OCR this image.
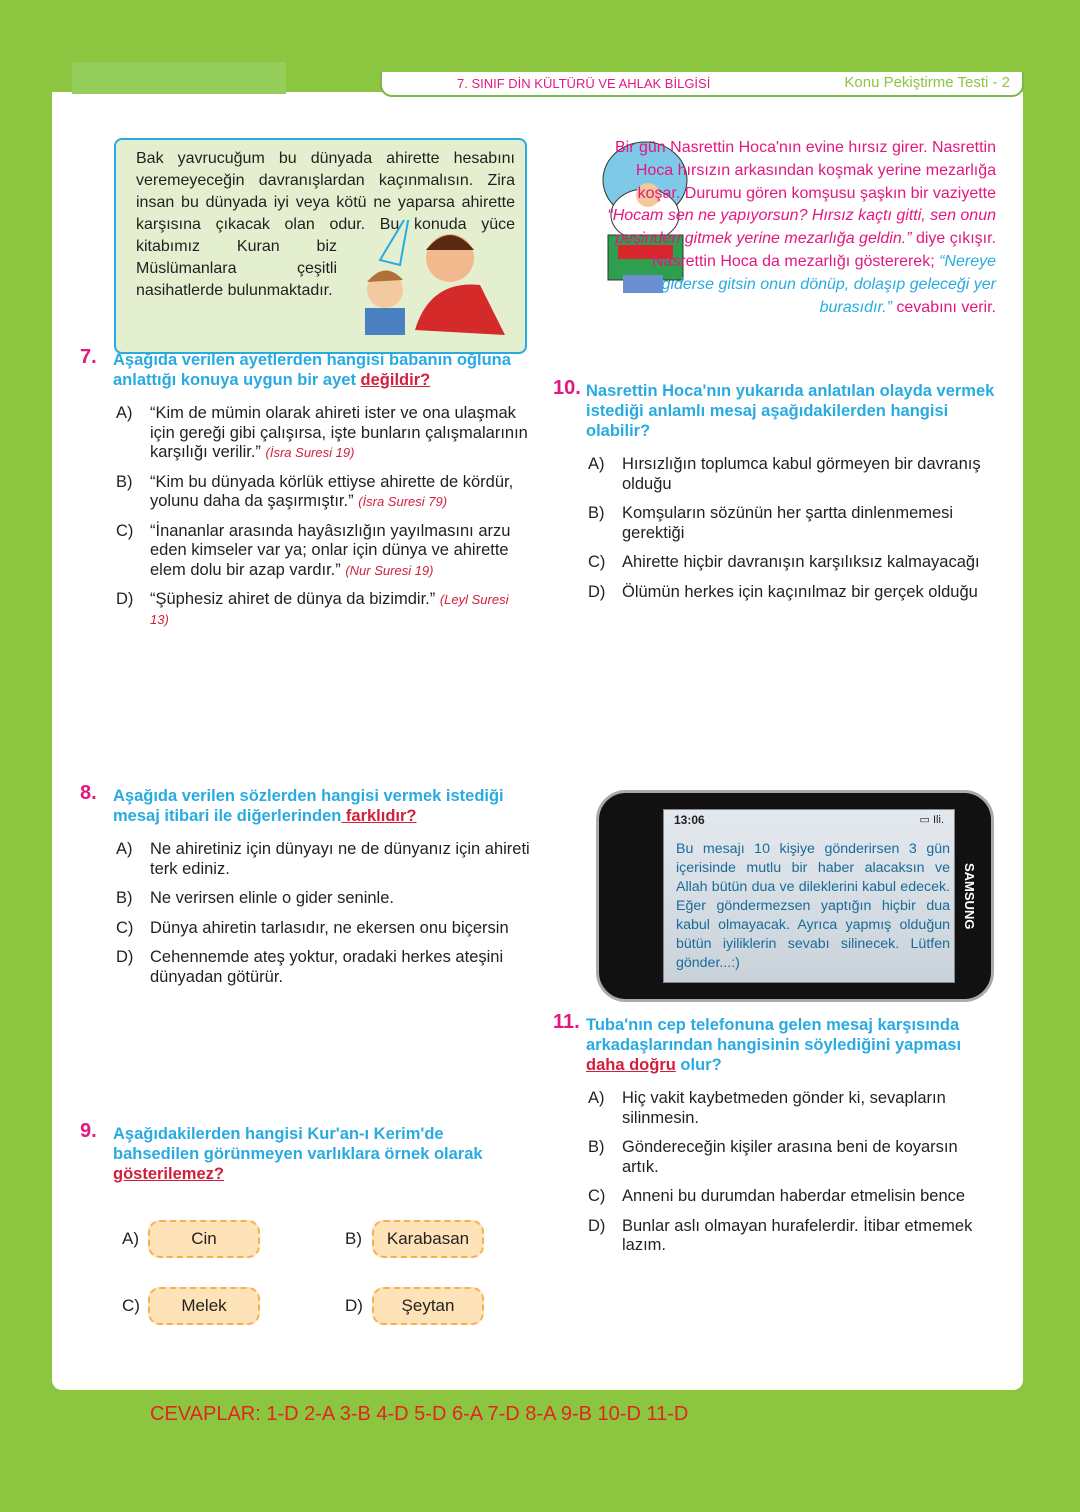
7. SINIF DİN KÜLTÜRÜ VE AHLAK BİLGİSİ	Konu Pekiştirme Testi - 2
Bak yavrucuğum bu dünyada ahirette hesabını veremeyeceğin davranışlardan kaçınmalısın. Zira insan bu dünyada iyi veya kötü ne yaparsa ahirette karşısına çıkacak olan odur. Bu konuda yüce kitabımız Kuran biz Müslümanlara çeşitli nasihatlerde bulunmaktadır.
7. Aşağıda verilen ayetlerden hangisi babanın oğluna anlattığı konuya uygun bir ayet değildir?
A)	“Kim de mümin olarak ahireti ister ve ona ulaşmak için gereği gibi çalışırsa, işte bunların çalışmalarının karşılığı verilir.” (İsra Suresi 19)
B)	“Kim bu dünyada körlük ettiyse ahirette de kördür, yolunu daha da şaşırmıştır.” (İsra Suresi 79)
C)	“İnananlar arasında hayâsızlığın yayılmasını arzu eden kimseler var ya; onlar için dünya ve ahirette elem dolu bir azap vardır.” (Nur Suresi 19)
D)	“Şüphesiz ahiret de dünya da bizimdir.” (Leyl Suresi 13)
Bir gün Nasrettin Hoca'nın evine hırsız girer. Nasrettin Hoca hırsızın arkasından koşmak yerine mezarlığa koşar. Durumu gören komşusu şaşkın bir vaziyette “Hocam sen ne yapıyorsun? Hırsız kaçtı gitti, sen onun peşinden gitmek yerine mezarlığa geldin.” diye çıkışır. Nasrettin Hoca da mezarlığı göstererek; “Nereye giderse gitsin onun dönüp, dolaşıp geleceği yer burasıdır.” cevabını verir.
10. Nasrettin Hoca'nın yukarıda anlatılan olayda vermek istediği anlamlı mesaj aşağıdakilerden hangisi olabilir?
A)	Hırsızlığın toplumca kabul görmeyen bir davranış olduğu
B)	Komşuların sözünün her şartta dinlenmemesi gerektiği
C)	Ahirette hiçbir davranışın karşılıksız kalmayacağı
D)	Ölümün herkes için kaçınılmaz bir gerçek olduğu
8. Aşağıda verilen sözlerden hangisi vermek istediği mesaj itibari ile diğerlerinden farklıdır?
A)	Ne ahiretiniz için dünyayı ne de dünyanız için ahireti terk ediniz.
B)	Ne verirsen elinle o gider seninle.
C)	Dünya ahiretin tarlasıdır, ne ekersen onu biçersin
D)	Cehennemde ateş yoktur, oradaki herkes ateşini dünyadan götürür.
9. Aşağıdakilerden hangisi Kur'an-ı Kerim'de bahsedilen görünmeyen varlıklara örnek olarak gösterilemez?
A)	Cin	B)	Karabasan
C)	Melek	D)	Şeytan
13:06	▭ Ili.
Bu mesajı 10 kişiye gönderirsen 3 gün içerisinde mutlu bir haber alacaksın ve Allah bütün dua ve dileklerini kabul edecek. Eğer göndermezsen yaptığın hiçbir dua kabul olmayacak. Ayrıca yapmış olduğun bütün iyiliklerin sevabı silinecek. Lütfen gönder...:)
SAMSUNG
11. Tuba'nın cep telefonuna gelen mesaj karşısında arkadaşlarından hangisinin söylediğini yapması daha doğru olur?
A)	Hiç vakit kaybetmeden gönder ki, sevapların silinmesin.
B)	Göndereceğin kişiler arasına beni de koyarsın artık.
C)	Anneni bu durumdan haberdar etmelisin bence
D)	Bunlar aslı olmayan hurafelerdir. İtibar etmemek lazım.
CEVAPLAR: 1-D 2-A 3-B 4-D 5-D 6-A 7-D 8-A 9-B 10-D 11-D
